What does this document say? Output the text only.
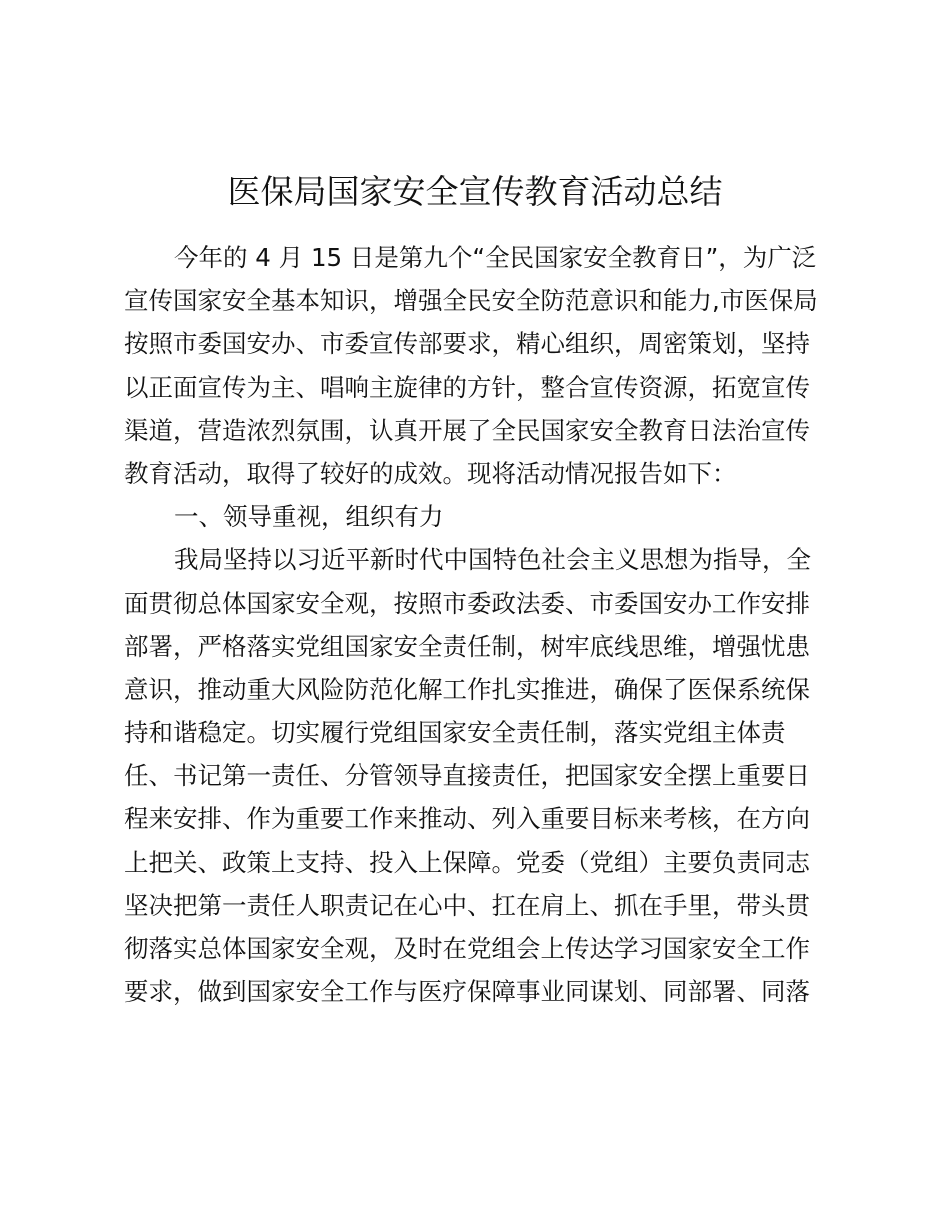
医保局国家安全宣传教育活动总结
今年的 4 月 15 日是第九个“全民国家安全教育日”，为广泛
宣传国家安全基本知识，增强全民安全防范意识和能力,市医保局
按照市委国安办、市委宣传部要求，精心组织，周密策划，坚持
以正面宣传为主、唱响主旋律的方针，整合宣传资源，拓宽宣传
渠道，营造浓烈氛围，认真开展了全民国家安全教育日法治宣传
教育活动，取得了较好的成效。现将活动情况报告如下：
一、领导重视，组织有力
我局坚持以习近平新时代中国特色社会主义思想为指导，全
面贯彻总体国家安全观，按照市委政法委、市委国安办工作安排
部署，严格落实党组国家安全责任制，树牢底线思维，增强忧患
意识，推动重大风险防范化解工作扎实推进，确保了医保系统保
持和谐稳定。切实履行党组国家安全责任制，落实党组主体责
任、书记第一责任、分管领导直接责任，把国家安全摆上重要日
程来安排、作为重要工作来推动、列入重要目标来考核，在方向
上把关、政策上支持、投入上保障。党委（党组）主要负责同志
坚决把第一责任人职责记在心中、扛在肩上、抓在手里，带头贯
彻落实总体国家安全观，及时在党组会上传达学习国家安全工作
要求，做到国家安全工作与医疗保障事业同谋划、同部署、同落
